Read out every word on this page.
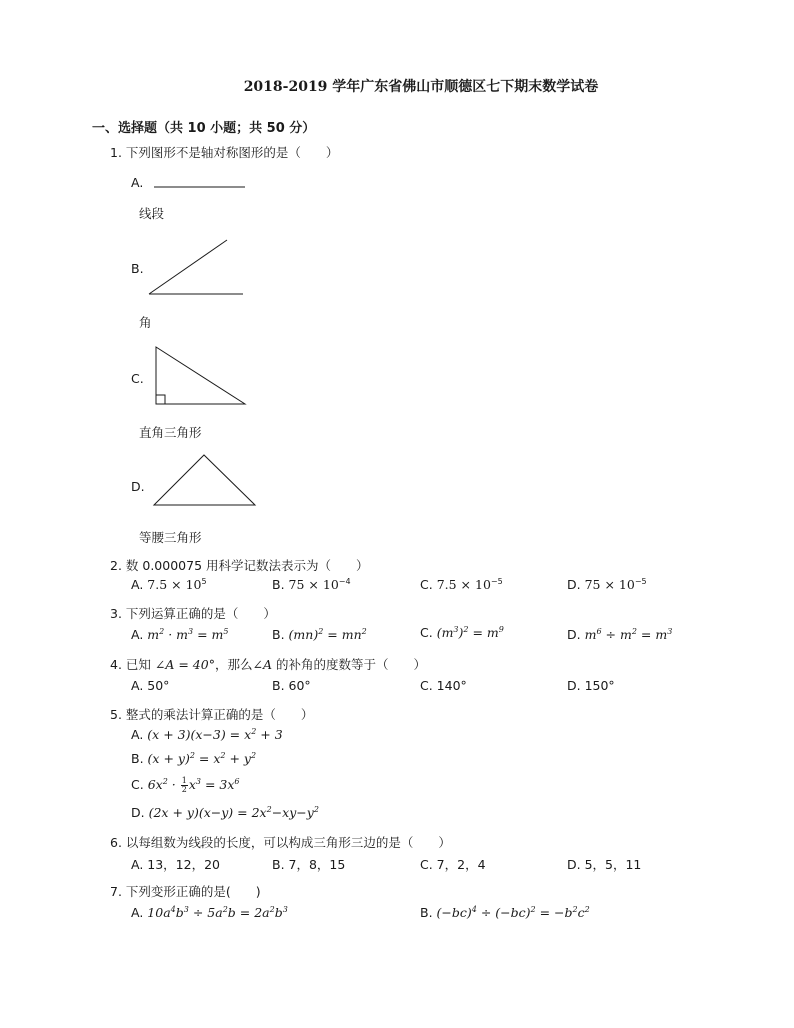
2018-2019 学年广东省佛山市顺德区七下期末数学试卷
一、选择题（共 10 小题；共 50 分）
1. 下列图形不是轴对称图形的是（　　）
A.
线段
B.
角
C.
直角三角形
D.
等腰三角形
2. 数 0.000075 用科学记数法表示为（　　）
A. $7.5 \times 10^5$	B. $75 \times 10^{-4}$	C. $7.5 \times 10^{-5}$	D. $75 \times 10^{-5}$
3. 下列运算正确的是（　　）
A. $m^2 \cdot m^3 = m^5$	B. $(mn)^2 = mn^2$	C. $(m^3)^2 = m^9$	D. $m^6 \div m^2 = m^3$
4. 已知 ∠A = 40°，那么∠A 的补角的度数等于（　　）
A. 50°	B. 60°	C. 140°	D. 150°
5. 整式的乘法计算正确的是（　　）
A. $(x + 3)(x-3) = x^2 + 3$
B. $(x + y)^2 = x^2 + y^2$
C. $6x^2 \cdot \frac{1}{2} x^3 = 3x^6$
D. $(2x + y)(x-y) = 2x^2-xy-y^2$
6. 以每组数为线段的长度，可以构成三角形三边的是（　　）
A. 13，12，20	B. 7，8，15	C. 7，2，4	D. 5，5，11
7. 下列变形正确的是(　　)
A. $10a^4b^3 \div 5a^2b = 2a^2b^3$	B. $(-bc)^4 \div (-bc)^2 = -b^2c^2$
